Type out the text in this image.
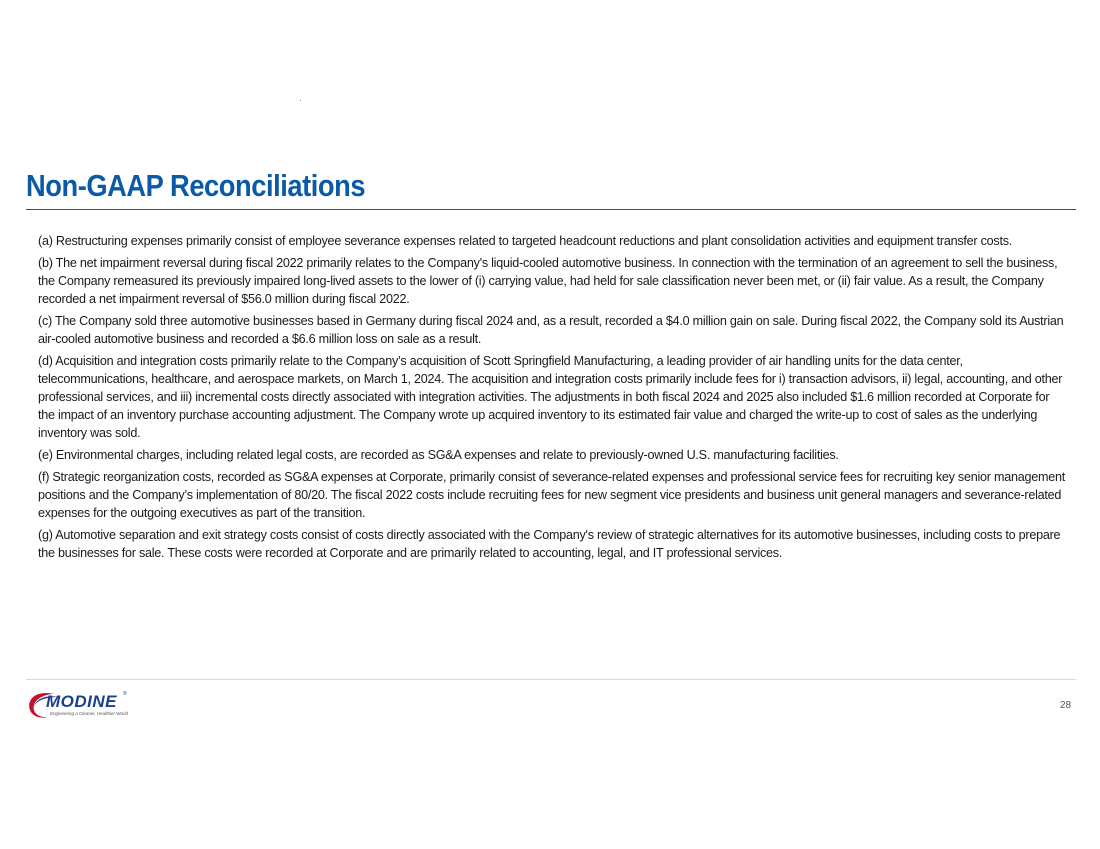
Non-GAAP Reconciliations

(a) Restructuring expenses primarily consist of employee severance expenses related to targeted headcount reductions and plant consolidation activities and equipment transfer costs.

(b) The net impairment reversal during fiscal 2022 primarily relates to the Company's liquid-cooled automotive business. In connection with the termination of an agreement to sell the business, the Company remeasured its previously impaired long-lived assets to the lower of (i) carrying value, had held for sale classification never been met, or (ii) fair value. As a result, the Company recorded a net impairment reversal of $56.0 million during fiscal 2022.

(c) The Company sold three automotive businesses based in Germany during fiscal 2024 and, as a result, recorded a $4.0 million gain on sale. During fiscal 2022, the Company sold its Austrian air-cooled automotive business and recorded a $6.6 million loss on sale as a result.

(d) Acquisition and integration costs primarily relate to the Company’s acquisition of Scott Springfield Manufacturing, a leading provider of air handling units for the data center, telecommunications, healthcare, and aerospace markets, on March 1, 2024. The acquisition and integration costs primarily include fees for i) transaction advisors, ii) legal, accounting, and other professional services, and iii) incremental costs directly associated with integration activities. The adjustments in both fiscal 2024 and 2025 also included $1.6 million recorded at Corporate for the impact of an inventory purchase accounting adjustment. The Company wrote up acquired inventory to its estimated fair value and charged the write-up to cost of sales as the underlying inventory was sold.

(e) Environmental charges, including related legal costs, are recorded as SG&A expenses and relate to previously-owned U.S. manufacturing facilities.

(f) Strategic reorganization costs, recorded as SG&A expenses at Corporate, primarily consist of severance-related expenses and professional service fees for recruiting key senior management positions and the Company’s implementation of 80/20. The fiscal 2022 costs include recruiting fees for new segment vice presidents and business unit general managers and severance-related expenses for the outgoing executives as part of the transition.

(g) Automotive separation and exit strategy costs consist of costs directly associated with the Company's review of strategic alternatives for its automotive businesses, including costs to prepare the businesses for sale. These costs were recorded at Corporate and are primarily related to accounting, legal, and IT professional services.

MODINE ®
Engineering a Cleaner, Healthier World
28
